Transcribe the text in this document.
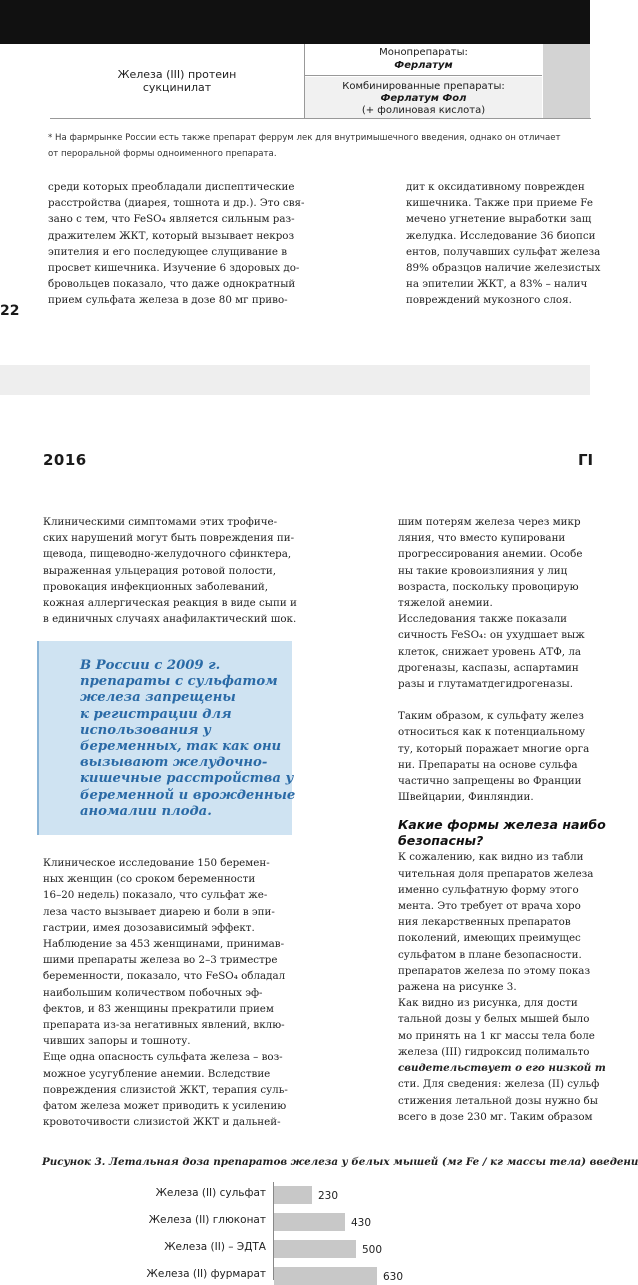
Железа (III) протеин сукцинилат
Монопрепараты:
Ферлатум
Комбинированные препараты:
Ферлатум Фол
(+ фолиновая кислота)
* На фармрынке России есть также препарат феррум лек для внутримышечного введения, однако он отличает
от пероральной формы одноименного препарата.
среди которых преобладали диспептические
расстройства (диарея, тошнота и др.). Это свя-
зано с тем, что FeSO₄ является сильным раз-
дражителем ЖКТ, который вызывает некроз
эпителия и его последующее слущивание в
просвет кишечника. Изучение 6 здоровых до-
бровольцев показало, что даже однократный
прием сульфата железа в дозе 80 мг приво-
дит к оксидативному поврежден
кишечника. Также при приеме Fe
мечено угнетение выработки защ
желудка. Исследование 36 биопси
ентов, получавших сульфат железа
89% образцов наличие железистых
на эпителии ЖКТ, а 83% – налич
повреждений мукозного слоя.
22
2016	ГІ
Клиническими симптомами этих трофиче-
ских нарушений могут быть повреждения пи-
щевода, пищеводно-желудочного сфинктера,
выраженная ульцерация ротовой полости,
провокация инфекционных заболеваний,
кожная аллергическая реакция в виде сыпи и
в единичных случаях анафилактический шок.
В России с 2009 г.
препараты с сульфатом
железа запрещены
к регистрации для
использования у
беременных, так как они
вызывают желудочно-
кишечные расстройства у
беременной и врожденные
аномалии плода.
Клиническое исследование 150 беремен-
ных женщин (со сроком беременности
16–20 недель) показало, что сульфат же-
леза часто вызывает диарею и боли в эпи-
гастрии, имея дозозависимый эффект.
Наблюдение за 453 женщинами, принимав-
шими препараты железа во 2–3 триместре
беременности, показало, что FeSO₄ обладал
наибольшим количеством побочных эф-
фектов, и 83 женщины прекратили прием
препарата из-за негативных явлений, вклю-
чивших запоры и тошноту.
Еще одна опасность сульфата железа – воз-
можное усугубление анемии. Вследствие
повреждения слизистой ЖКТ, терапия суль-
фатом железа может приводить к усилению
кровоточивости слизистой ЖКТ и дальней-
шим потерям железа через микр
ляния, что вместо купировани
прогрессирования анемии. Особе
ны такие кровоизлияния у лиц
возраста, поскольку провоцирую
тяжелой анемии.
Исследования также показали
сичность FeSO₄: он ухудшает выж
клеток, снижает уровень АТФ, ла
дрогеназы, каспазы, аспартамин
разы и глутаматдегидрогеназы.
Таким образом, к сульфату желез
относиться как к потенциальному
ту, который поражает многие орга
ни. Препараты на основе сульфа
частично запрещены во Франции
Швейцарии, Финляндии.
Какие формы железа наибо
безопасны?
К сожалению, как видно из табли
чительная доля препаратов железа
именно сульфатную форму этого
мента. Это требует от врача хоро
ния лекарственных препаратов
поколений, имеющих преимущес
сульфатом в плане безопасности.
препаратов железа по этому показ
ражена на рисунке 3.
Как видно из рисунка, для дости
тальной дозы у белых мышей было
мо принять на 1 кг массы тела боле
железа (III) гидроксид полимальто
свидетельствует о его низкой т
сти. Для сведения: железа (II) сульф
стижения летальной дозы нужно бы
всего в дозе 230 мг. Таким образом
Рисунок 3. Летальная доза препаратов железа у белых мышей (мг Fe / кг массы тела) введени
Железа (II) сульфат	230
Железа (II) глюконат	430
Железа (II) – ЭДТА	500
Железа (II) фурмарат	630
